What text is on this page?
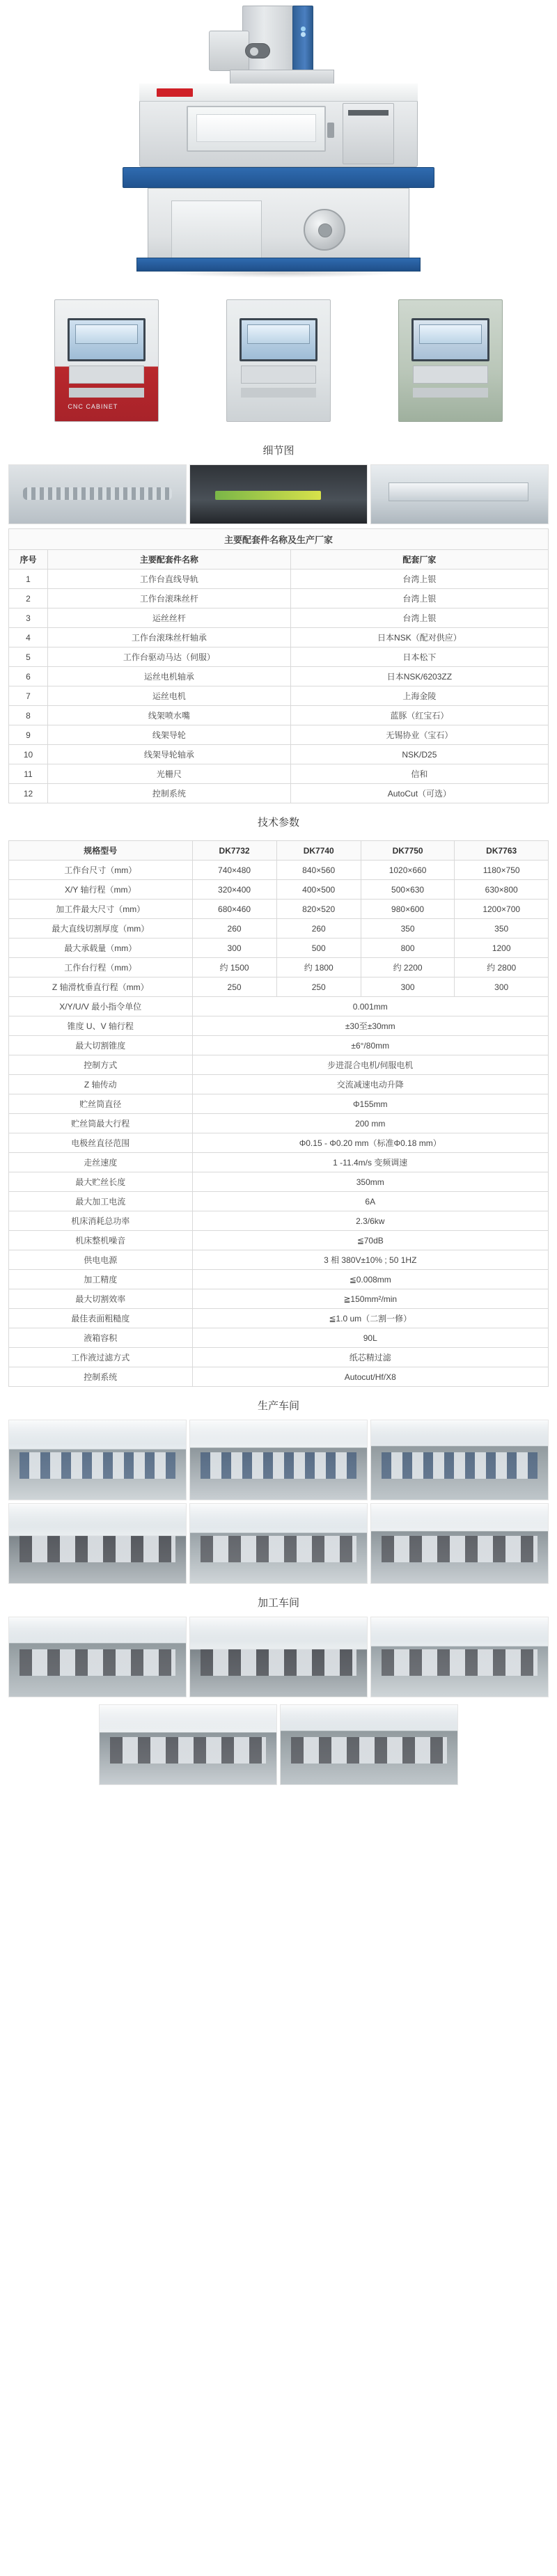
CNC CABINET
细节图
主要配套件名称及生产厂家		
序号	主要配套件名称	配套厂家
1	工作台直线导轨	台湾上银
2	工作台滚珠丝杆	台湾上银
3	运丝丝杆	台湾上银
4	工作台滚珠丝杆轴承	日本NSK（配对供应）
5	工作台驱动马达（伺服）	日本松下
6	运丝电机轴承	日本NSK/6203ZZ
7	运丝电机	上海金陵
8	线架喷水嘴	蓝豚（红宝石）
9	线架导轮	无锡协业（宝石）
10	线架导轮轴承	NSK/D25
11	光栅尺	信和
12	控制系统	AutoCut（可选）
技术参数
规格型号	DK7732	DK7740	DK7750	DK7763
工作台尺寸（mm）	740×480	840×560	1020×660	1180×750
X/Y 轴行程（mm）	320×400	400×500	500×630	630×800
加工件最大尺寸（mm）	680×460	820×520	980×600	1200×700
最大直线切割厚度（mm）	260	260	350	350
最大承载量（mm）	300	500	800	1200
工作台行程（mm）	约 1500	约 1800	约 2200	约 2800
Z 轴滑枕垂直行程（mm）	250	250	300	300
X/Y/U/V 最小指令单位	0.001mm			
锥度 U、V 轴行程	±30至±30mm			
最大切割锥度	±6°/80mm			
控制方式	步进混合电机/伺服电机			
Z 轴传动	交流减速电动升降			
贮丝筒直径	Φ155mm			
贮丝筒最大行程	200 mm			
电极丝直径范围	Φ0.15 - Φ0.20 mm（标准Φ0.18 mm）			
走丝速度	1 -11.4m/s 变频调速			
最大贮丝长度	350mm			
最大加工电流	6A			
机床消耗总功率	2.3/6kw			
机床整机噪音	≦70dB			
供电电源	3 相 380V±10% ; 50 1HZ			
加工精度	≦0.008mm			
最大切割效率	≧150mm²/min			
最佳表面粗糙度	≦1.0 um（二割一修）			
液箱容积	90L			
工作液过滤方式	纸芯精过滤			
控制系统	Autocut/Hf/X8			
生产车间
加工车间
